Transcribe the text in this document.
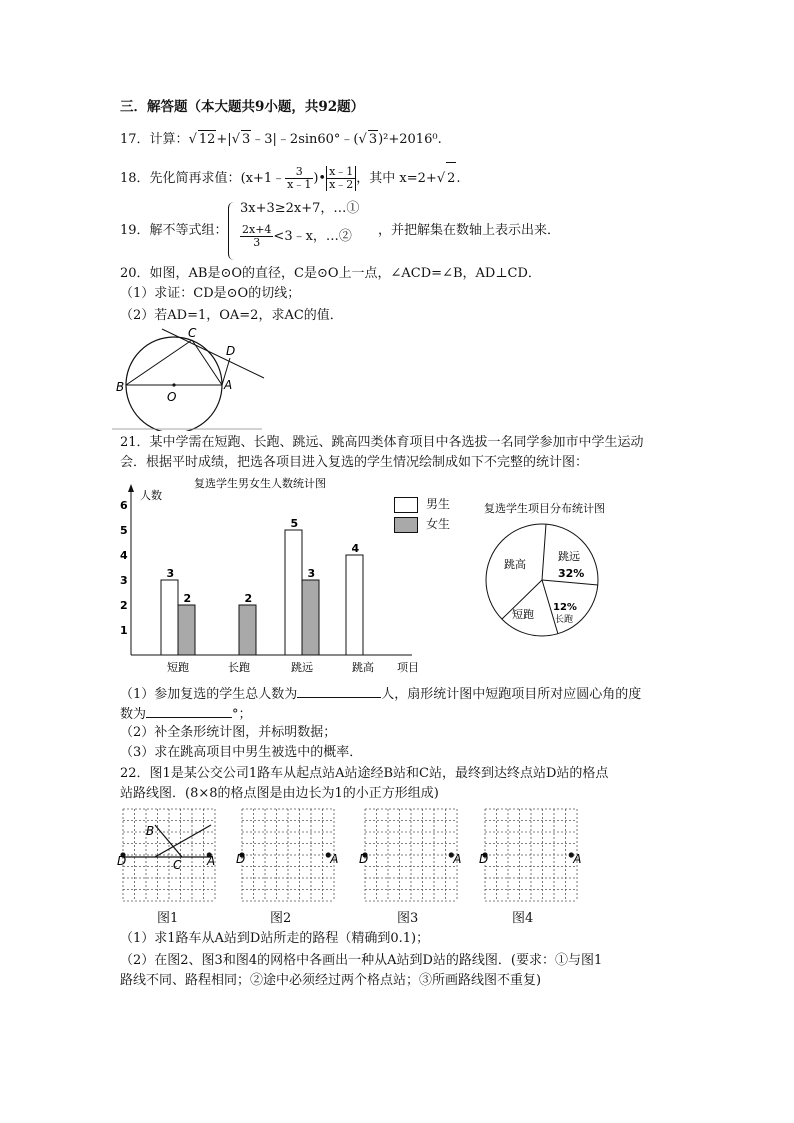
三．解答题（本大题共9小题，共92题）
17．计算：√ 12+|√ 3﹣3|﹣2sin60°﹣(√ 3)²+2016⁰.
18．先化简再求值：(x+1﹣ $\frac{3}{x﹣1}$ )• $\frac{x﹣1}{x﹣2}$ ，其中 x=2+√ 2.
19．解不等式组：
3x+3≥2x+7，…①
$\frac{2x+4}{3}$ <3﹣x，…② ，并把解集在数轴上表示出来．
20．如图，AB是⊙O的直径，C是⊙O上一点，∠ACD=∠B，AD⊥CD．
（1）求证：CD是⊙O的切线；
（2）若AD=1，OA=2，求AC的值．
B
O
A
C
D
21．某中学需在短跑、长跑、跳远、跳高四类体育项目中各选拔一名同学参加市中学生运动
会．根据平时成绩，把选各项目进入复选的学生情况绘制成如下不完整的统计图：
复选学生男女生人数统计图
人数
项目
1
2
3
4
5
6
3
2	2
5
3
4
短跑	长跑	跳远	跳高
男生
女生
复选学生项目分布统计图
跳高
跳远
32%
短跑
12%
长跑
（1）参加复选的学生总人数为	人，扇形统计图中短跑项目所对应圆心角的度
数为	°；
（2）补全条形统计图，并标明数据；
（3）求在跳高项目中男生被选中的概率．
22．图1是某公交公司1路车从起点站A站途经B站和C站，最终到达终点站D站的格点
站路线图．(8×8的格点图是由边长为1的小正方形组成)
D	A D	A D	A
B
C
D	A
图1	图2	图3	图4
（1）求1路车从A站到D站所走的路程（精确到0.1)；
（2）在图2、图3和图4的网格中各画出一种从A站到D站的路线图．(要求：①与图1
路线不同、路程相同；②途中必须经过两个格点站；③所画路线图不重复)
